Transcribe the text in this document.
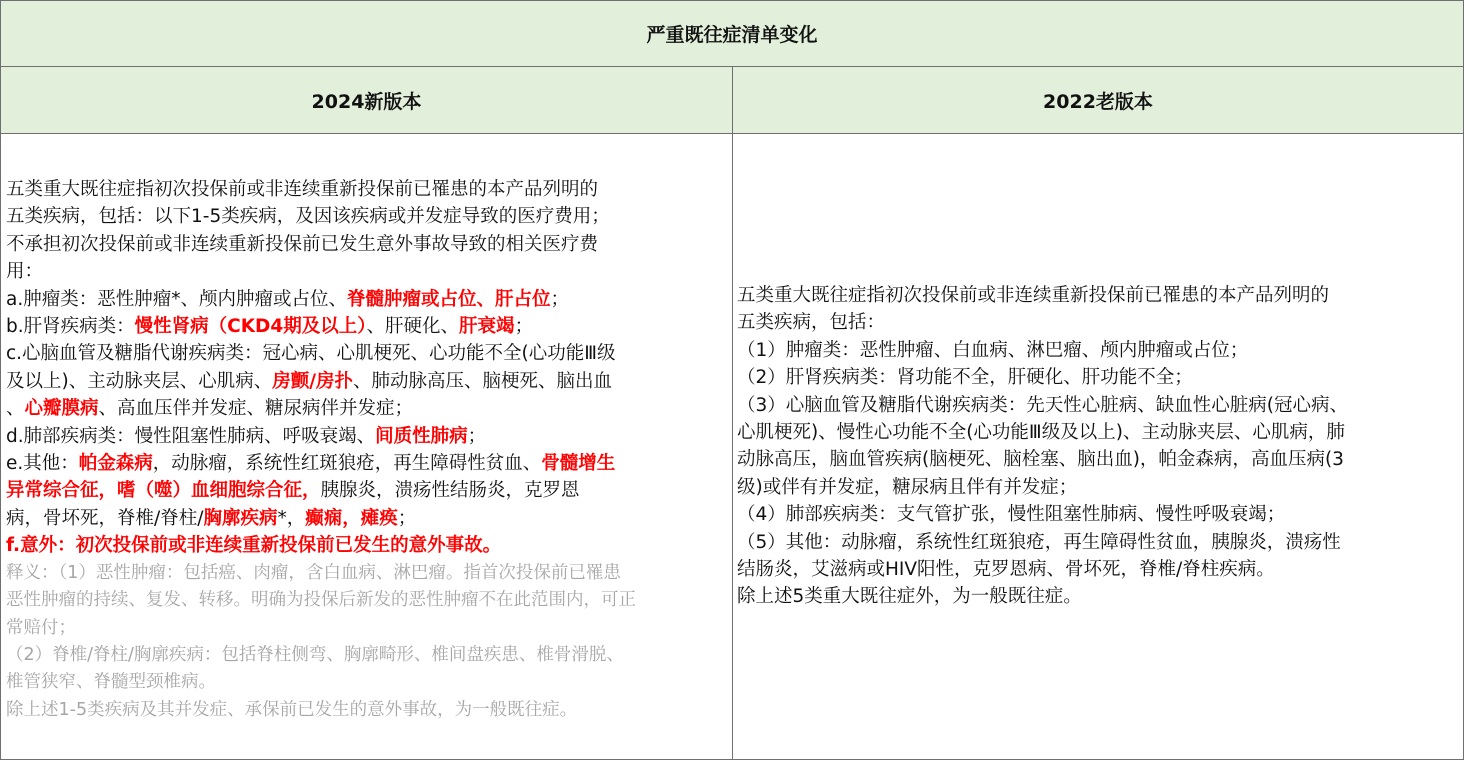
严重既往症清单变化
2024新版本	2022老版本
五类重大既往症指初次投保前或非连续重新投保前已罹患的本产品列明的
五类疾病，包括：以下1-5类疾病，及因该疾病或并发症导致的医疗费用；
不承担初次投保前或非连续重新投保前已发生意外事故导致的相关医疗费
用：
a.肿瘤类：恶性肿瘤*、颅内肿瘤或占位、脊髓肿瘤或占位、肝占位；
b.肝肾疾病类：慢性肾病（CKD4期及以上）、肝硬化、肝衰竭；
c.心脑血管及糖脂代谢疾病类：冠心病、心肌梗死、心功能不全(心功能Ⅲ级
及以上)、主动脉夹层、心肌病、房颤/房扑、肺动脉高压、脑梗死、脑出血
、心瓣膜病、高血压伴并发症、糖尿病伴并发症；
d.肺部疾病类：慢性阻塞性肺病、呼吸衰竭、间质性肺病；
e.其他：帕金森病，动脉瘤，系统性红斑狼疮，再生障碍性贫血、骨髓增生
异常综合征，嗜（噬）血细胞综合征，胰腺炎，溃疡性结肠炎，克罗恩
病，骨坏死，脊椎/脊柱/胸廓疾病*，癫痫，瘫痪；
f.意外：初次投保前或非连续重新投保前已发生的意外事故。
释义：（1）恶性肿瘤：包括癌、肉瘤，含白血病、淋巴瘤。指首次投保前已罹患
恶性肿瘤的持续、复发、转移。明确为投保后新发的恶性肿瘤不在此范围内，可正
常赔付；
（2）脊椎/脊柱/胸廓疾病：包括脊柱侧弯、胸廓畸形、椎间盘疾患、椎骨滑脱、
椎管狭窄、脊髓型颈椎病。
除上述1-5类疾病及其并发症、承保前已发生的意外事故，为一般既往症。
五类重大既往症指初次投保前或非连续重新投保前已罹患的本产品列明的
五类疾病，包括：
（1）肿瘤类：恶性肿瘤、白血病、淋巴瘤、颅内肿瘤或占位；
（2）肝肾疾病类：肾功能不全，肝硬化、肝功能不全；
（3）心脑血管及糖脂代谢疾病类：先天性心脏病、缺血性心脏病(冠心病、
心肌梗死)、慢性心功能不全(心功能Ⅲ级及以上)、主动脉夹层、心肌病，肺
动脉高压，脑血管疾病(脑梗死、脑栓塞、脑出血)，帕金森病，高血压病(3
级)或伴有并发症，糖尿病且伴有并发症；
（4）肺部疾病类：支气管扩张，慢性阻塞性肺病、慢性呼吸衰竭；
（5）其他：动脉瘤，系统性红斑狼疮，再生障碍性贫血，胰腺炎，溃疡性
结肠炎，艾滋病或HIV阳性，克罗恩病、骨坏死，脊椎/脊柱疾病。
除上述5类重大既往症外，为一般既往症。
